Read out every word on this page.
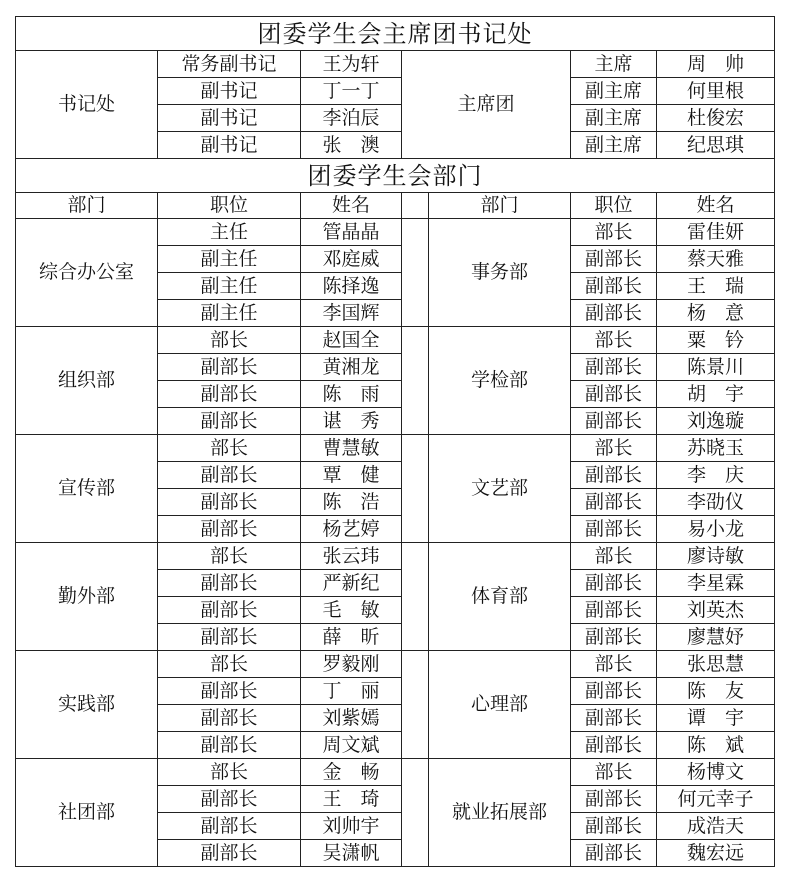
团委学生会主席团书记处						
书记处	常务副书记	王为轩	主席团		主席	周　帅
	副书记	丁一丁			副主席	何里根
	副书记	李泊辰			副主席	杜俊宏
	副书记	张　澳			副主席	纪思琪
团委学生会部门						
部门	职位	姓名		部门	职位	姓名
综合办公室	主任	管晶晶		事务部	部长	雷佳妍
	副主任	邓庭威			副部长	蔡天雅
	副主任	陈择逸			副部长	王　瑞
	副主任	李国辉			副部长	杨　意
组织部	部长	赵国全		学检部	部长	粟　钤
	副部长	黄湘龙			副部长	陈景川
	副部长	陈　雨			副部长	胡　宇
	副部长	谌　秀			副部长	刘逸璇
宣传部	部长	曹慧敏		文艺部	部长	苏晓玉
	副部长	覃　健			副部长	李　庆
	副部长	陈　浩			副部长	李劭仪
	副部长	杨艺婷			副部长	易小龙
勤外部	部长	张云玮		体育部	部长	廖诗敏
	副部长	严新纪			副部长	李星霖
	副部长	毛　敏			副部长	刘英杰
	副部长	薛　昕			副部长	廖慧妤
实践部	部长	罗毅刚		心理部	部长	张思慧
	副部长	丁　丽			副部长	陈　友
	副部长	刘紫嫣			副部长	谭　宇
	副部长	周文斌			副部长	陈　斌
社团部	部长	金　畅		就业拓展部	部长	杨博文
	副部长	王　琦			副部长	何元幸子
	副部长	刘帅宇			副部长	成浩天
	副部长	吴潇帆			副部长	魏宏远
